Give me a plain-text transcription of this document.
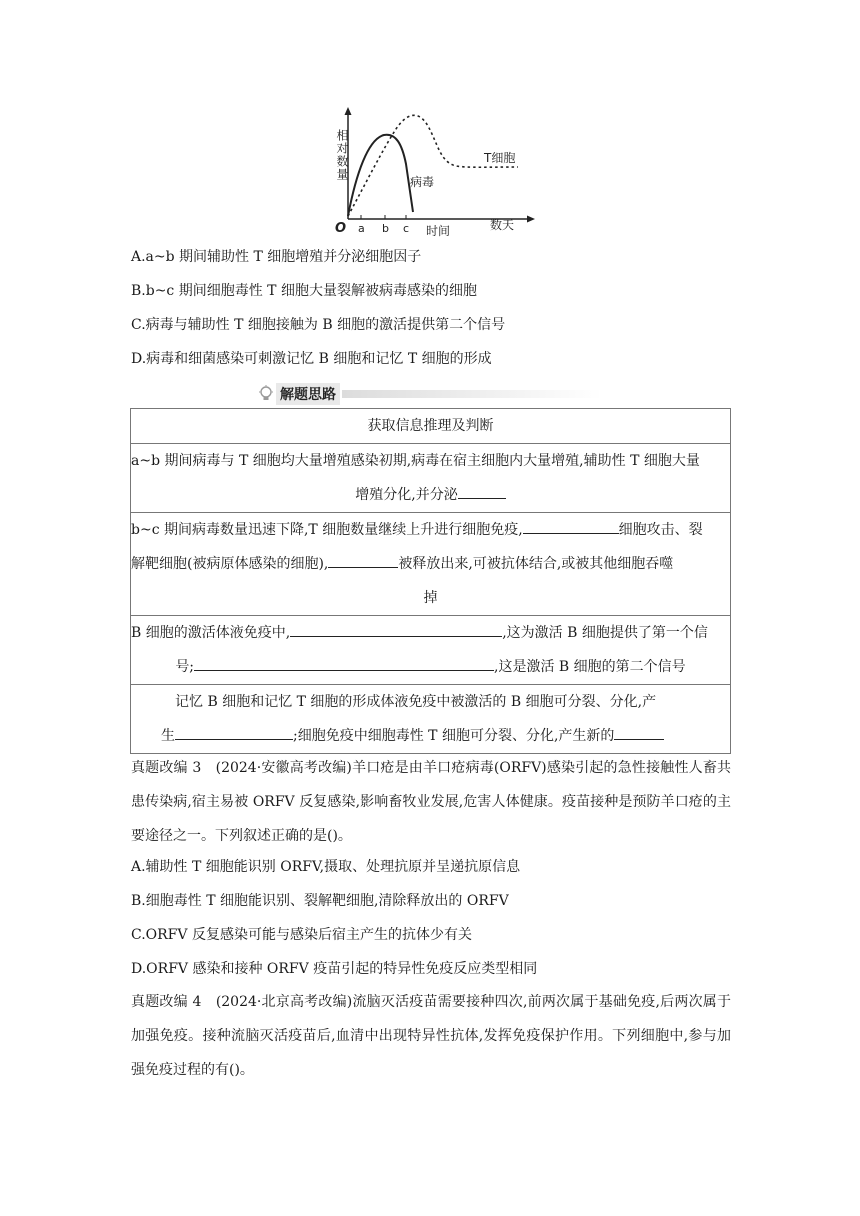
相对数量
O a b c 时间	数天
病毒
T细胞
A.a~b 期间辅助性 T 细胞增殖并分泌细胞因子
B.b~c 期间细胞毒性 T 细胞大量裂解被病毒感染的细胞
C.病毒与辅助性 T 细胞接触为 B 细胞的激活提供第二个信号
D.病毒和细菌感染可刺激记忆 B 细胞和记忆 T 细胞的形成
解题思路
获取信息推理及判断

a~b 期间病毒与 T 细胞均大量增殖感染初期,病毒在宿主细胞内大量增殖,辅助性 T 细胞大量
增殖分化,并分泌

b~c 期间病毒数量迅速下降,T 细胞数量继续上升进行细胞免疫,	细胞攻击、裂
解靶细胞(被病原体感染的细胞),	被释放出来,可被抗体结合,或被其他细胞吞噬
掉

B 细胞的激活体液免疫中,	,这为激活 B 细胞提供了第一个信
号;	,这是激活 B 细胞的第二个信号

记忆 B 细胞和记忆 T 细胞的形成体液免疫中被激活的 B 细胞可分裂、分化,产
生	;细胞免疫中细胞毒性 T 细胞可分裂、分化,产生新的
真题改编 3　(2024·安徽高考改编)羊口疮是由羊口疮病毒(ORFV)感染引起的急性接触性人畜共患传染病,宿主易被 ORFV 反复感染,影响畜牧业发展,危害人体健康。疫苗接种是预防羊口疮的主要途径之一。下列叙述正确的是()。
A.辅助性 T 细胞能识别 ORFV,摄取、处理抗原并呈递抗原信息
B.细胞毒性 T 细胞能识别、裂解靶细胞,清除释放出的 ORFV
C.ORFV 反复感染可能与感染后宿主产生的抗体少有关
D.ORFV 感染和接种 ORFV 疫苗引起的特异性免疫反应类型相同
真题改编 4　(2024·北京高考改编)流脑灭活疫苗需要接种四次,前两次属于基础免疫,后两次属于加强免疫。接种流脑灭活疫苗后,血清中出现特异性抗体,发挥免疫保护作用。下列细胞中,参与加强免疫过程的有()。
